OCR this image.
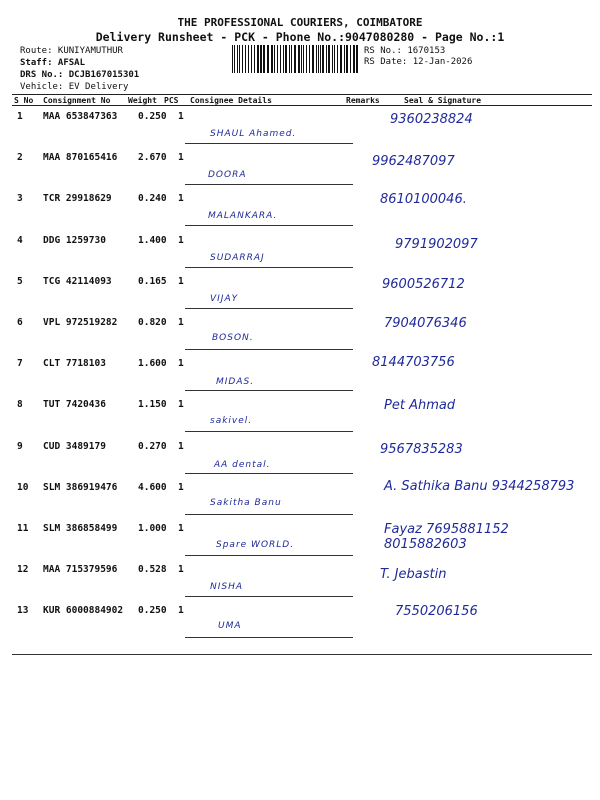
THE PROFESSIONAL COURIERS, COIMBATORE
Delivery Runsheet - PCK - Phone No.:9047080280 - Page No.:1
Route: KUNIYAMUTHUR
Staff: AFSAL
DRS No.: DCJB167015301
Vehicle: EV Delivery
RS No.: 1670153
RS Date: 12-Jan-2026
S No Consignment No Weight PCS Consignee Details	Remarks	Seal & Signature
1 MAA 653847363 0.250 1
SHAUL Ahamed.
9360238824
2 MAA 870165416 2.670 1
DOORA
9962487097
3 TCR 29918629	0.240 1
MALANKARA.
8610100046.
4 DDG 1259730	1.400 1
SUDARRAJ
9791902097
5 TCG 42114093	0.165 1
VIJAY
9600526712
6 VPL 972519282 0.820 1
BOSON.
7904076346
7 CLT 7718103	1.600 1
MIDAS.
8144703756
8 TUT 7420436	1.150 1
sakivel.
Pet Ahmad
9 CUD 3489179	0.270 1
AA dental.
9567835283
10 SLM 386919476 4.600 1
Sakitha Banu
A. Sathika Banu 9344258793
11 SLM 386858499 1.000 1
Spare WORLD.
Fayaz 7695881152 8015882603
12 MAA 715379596 0.528 1
NISHA
T. Jebastin
13 KUR 6000884902 0.250 1
UMA
7550206156
